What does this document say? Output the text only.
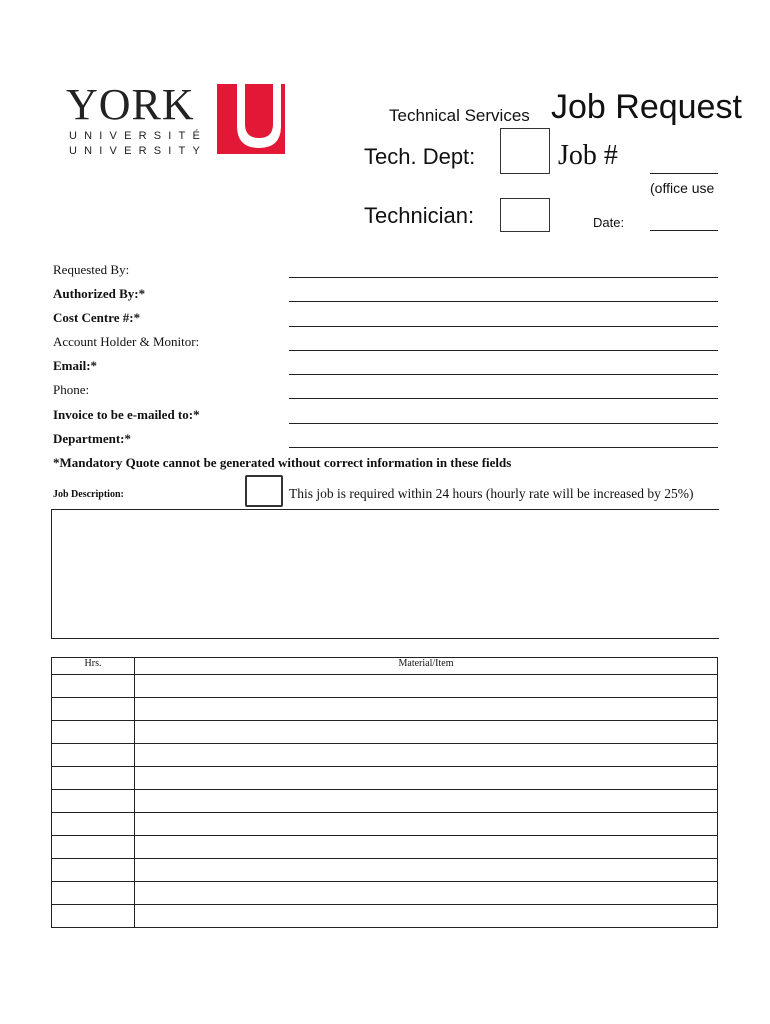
YORK
UNIVERSITÉ
UNIVERSITY
Technical Services Job Request
Tech. Dept:	Job #
(office use
Technician:	Date:
Requested By:
Authorized By:*
Cost Centre #:*
Account Holder & Monitor:
Email:*
Phone:
Invoice to be e-mailed to:*
Department:*
*Mandatory Quote cannot be generated without correct information in these fields
Job Description:	This job is required within 24 hours (hourly rate will be increased by 25%)
Hrs.	Material/Item
